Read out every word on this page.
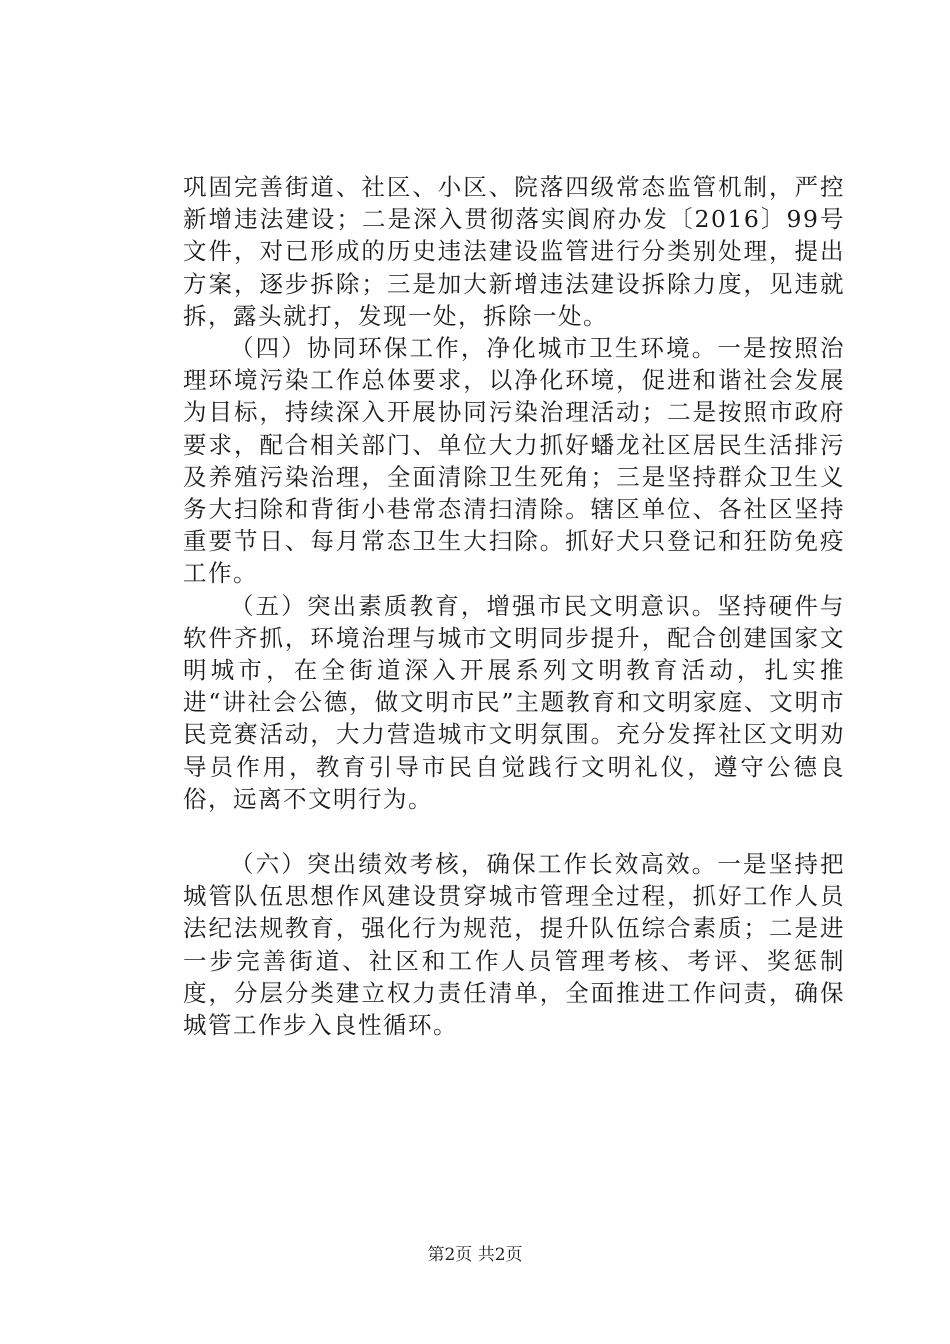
巩固完善街道、社区、小区、院落四级常态监管机制，严控新增违法建设；二是深入贯彻落实阆府办发〔2016〕99号文件，对已形成的历史违法建设监管进行分类别处理，提出方案，逐步拆除；三是加大新增违法建设拆除力度，见违就拆，露头就打，发现一处，拆除一处。

（四）协同环保工作，净化城市卫生环境。一是按照治理环境污染工作总体要求，以净化环境，促进和谐社会发展为目标，持续深入开展协同污染治理活动；二是按照市政府要求，配合相关部门、单位大力抓好蟠龙社区居民生活排污及养殖污染治理，全面清除卫生死角；三是坚持群众卫生义务大扫除和背街小巷常态清扫清除。辖区单位、各社区坚持重要节日、每月常态卫生大扫除。抓好犬只登记和狂防免疫工作。

（五）突出素质教育，增强市民文明意识。坚持硬件与软件齐抓，环境治理与城市文明同步提升，配合创建国家文明城市，在全街道深入开展系列文明教育活动，扎实推进“讲社会公德，做文明市民”主题教育和文明家庭、文明市民竞赛活动，大力营造城市文明氛围。充分发挥社区文明劝导员作用，教育引导市民自觉践行文明礼仪，遵守公德良俗，远离不文明行为。

（六）突出绩效考核，确保工作长效高效。一是坚持把城管队伍思想作风建设贯穿城市管理全过程，抓好工作人员法纪法规教育，强化行为规范，提升队伍综合素质；二是进一步完善街道、社区和工作人员管理考核、考评、奖惩制度，分层分类建立权力责任清单，全面推进工作问责，确保城管工作步入良性循环。

第2页 共2页
